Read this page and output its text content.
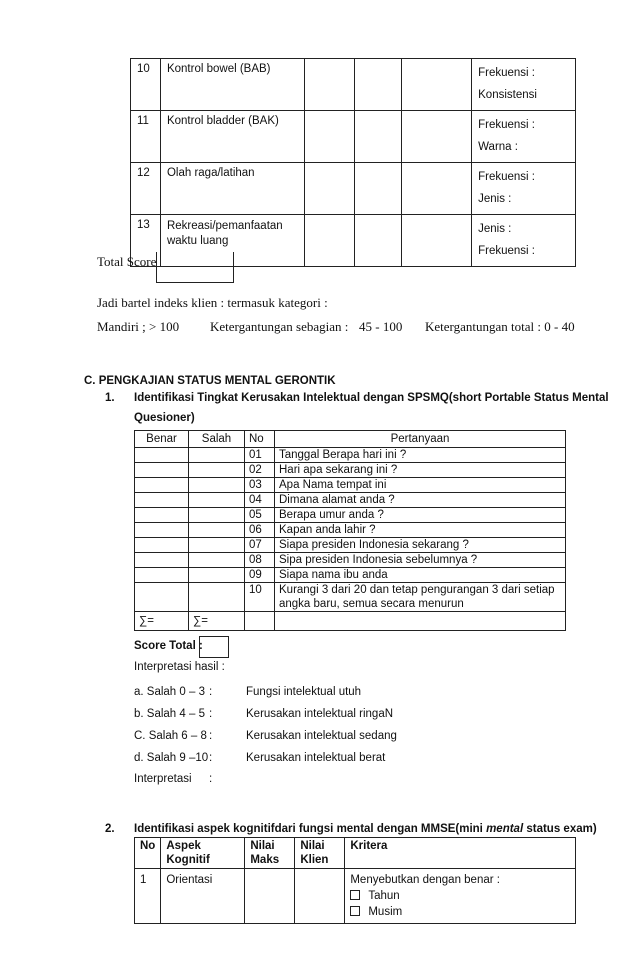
10	Kontrol bowel (BAB)				Frekuensi :
Konsistensi
11	Kontrol bladder (BAK)				Frekuensi :
Warna :
12	Olah raga/latihan				Frekuensi :
Jenis :
13	Rekreasi/pemanfaatan waktu luang				Jenis :
Frekuensi :
Total Score
Jadi bartel indeks klien : termasuk kategori :
Mandiri ; > 100 Ketergantungan sebagian : 45 - 100 Ketergantungan total : 0 - 40
C. PENGKAJIAN STATUS MENTAL GERONTIK
1. Identifikasi Tingkat Kerusakan Intelektual dengan SPSMQ(short Portable Status Mental
Quesioner)
Benar	Salah	No	Pertanyaan
		01	Tanggal Berapa hari ini ?
		02	Hari apa sekarang ini ?
		03	Apa Nama tempat ini
		04	Dimana alamat anda ?
		05	Berapa umur anda ?
		06	Kapan anda lahir ?
		07	Siapa presiden Indonesia sekarang ?
		08	Sipa presiden Indonesia sebelumnya ?
		09	Siapa nama ibu anda
		10	Kurangi 3 dari 20 dan tetap pengurangan 3 dari setiap angka baru, semua secara menurun
∑=	∑=		
Score Total :
Interpretasi hasil :
a. Salah 0 – 3 :	Fungsi intelektual utuh
b. Salah 4 – 5 :	Kerusakan intelektual ringaN
C. Salah 6 – 8 :	Kerusakan intelektual sedang
d. Salah 9 –10 :	Kerusakan intelektual berat
Interpretasi :
2. Identifikasi aspek kognitifdari fungsi mental dengan MMSE(mini mental status exam)
No	Aspek Kognitif	Nilai Maks	Nilai Klien	Kritera
1	Orientasi			Menyebutkan dengan benar :
Tahun
Musim
